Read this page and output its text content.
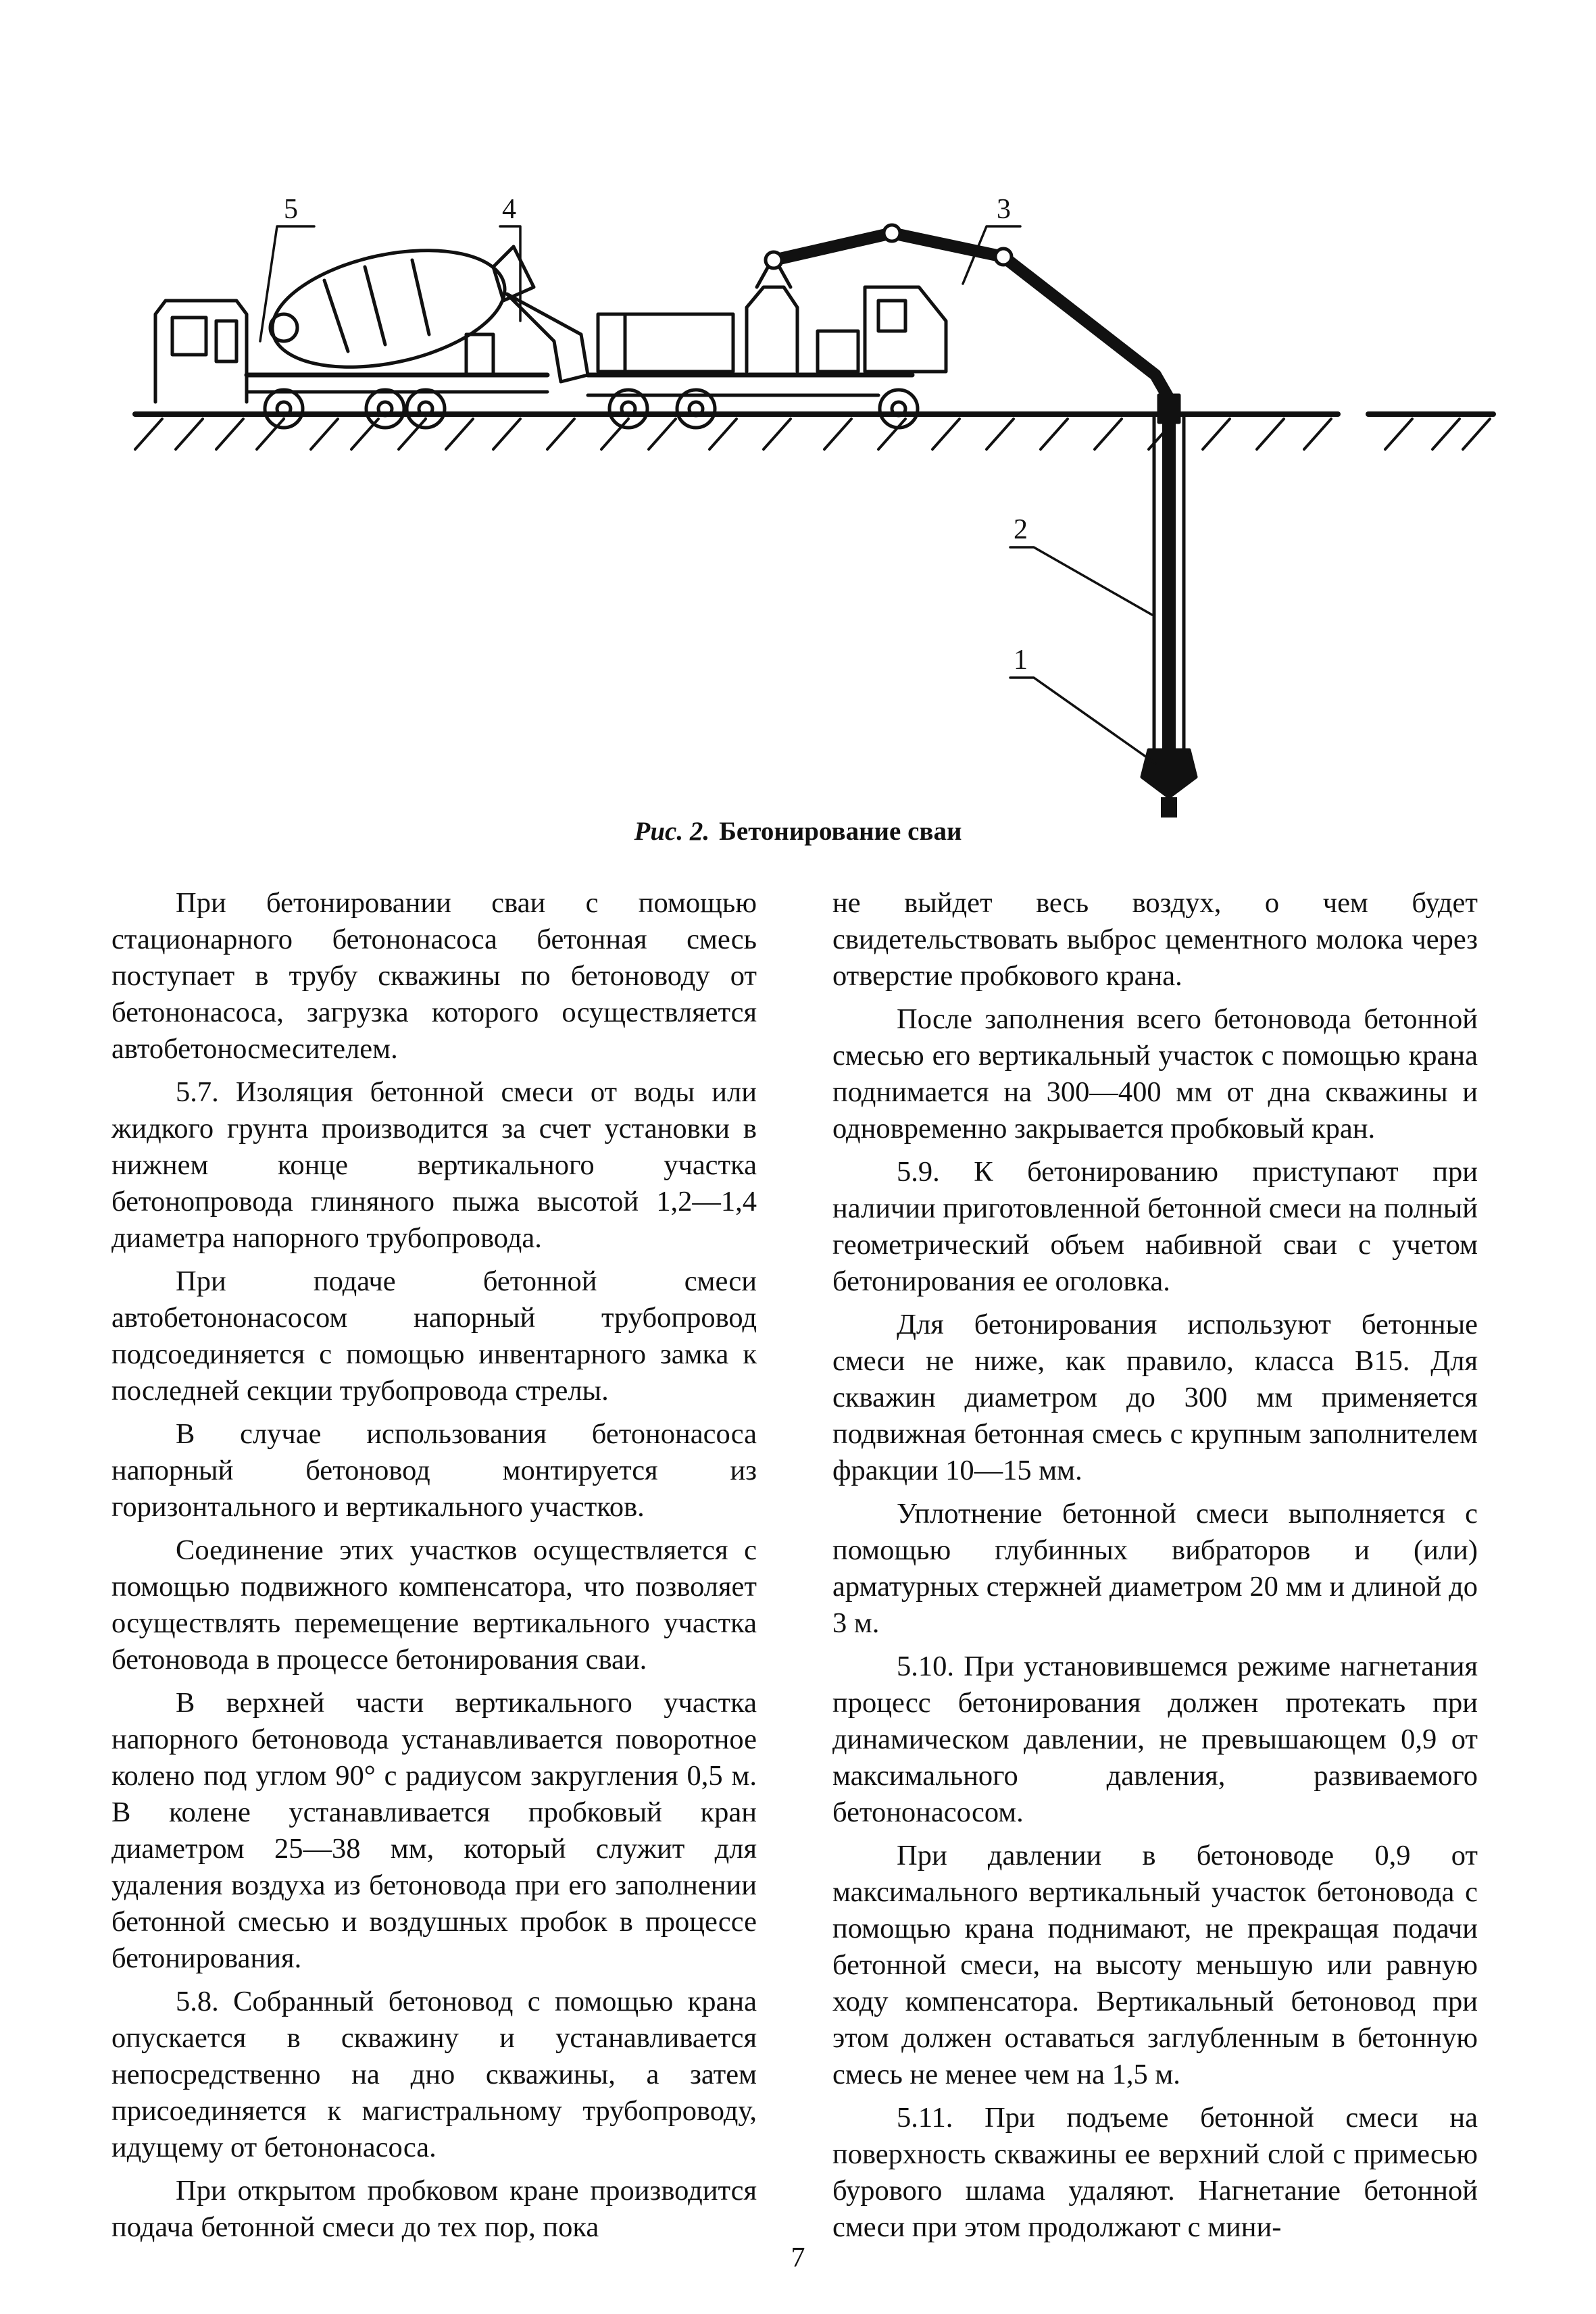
5	4	3
2
1
Рис. 2. Бетонирование сваи

При бетонировании сваи с помощью стационарного бетононасоса бетонная смесь поступает в трубу скважины по бетоноводу от бетононасоса, загрузка которого осуществляется автобетоносмесителем.

5.7. Изоляция бетонной смеси от воды или жидкого грунта производится за счет установки в нижнем конце вертикального участка бетонопровода глиняного пыжа высотой 1,2—1,4 диаметра напорного трубопровода.

При подаче бетонной смеси автобетононасосом напорный трубопровод подсоединяется с помощью инвентарного замка к последней секции трубопровода стрелы.

В случае использования бетононасоса напорный бетоновод монтируется из горизонтального и вертикального участков.

Соединение этих участков осуществляется с помощью подвижного компенсатора, что позволяет осуществлять перемещение вертикального участка бетоновода в процессе бетонирования сваи.

В верхней части вертикального участка напорного бетоновода устанавливается поворотное колено под углом 90° с радиусом закругления 0,5 м. В колене устанавливается пробковый кран диаметром 25—38 мм, который служит для удаления воздуха из бетоновода при его заполнении бетонной смесью и воздушных пробок в процессе бетонирования.

5.8. Собранный бетоновод с помощью крана опускается в скважину и устанавливается непосредственно на дно скважины, а затем присоединяется к магистральному трубопроводу, идущему от бетононасоса.

При открытом пробковом кране производится подача бетонной смеси до тех пор, пока

не выйдет весь воздух, о чем будет свидетельствовать выброс цементного молока через отверстие пробкового крана.

После заполнения всего бетоновода бетонной смесью его вертикальный участок с помощью крана поднимается на 300—400 мм от дна скважины и одновременно закрывается пробковый кран.

5.9. К бетонированию приступают при наличии приготовленной бетонной смеси на полный геометрический объем набивной сваи с учетом бетонирования ее оголовка.

Для бетонирования используют бетонные смеси не ниже, как правило, класса В15. Для скважин диаметром до 300 мм применяется подвижная бетонная смесь с крупным заполнителем фракции 10—15 мм.

Уплотнение бетонной смеси выполняется с помощью глубинных вибраторов и (или) арматурных стержней диаметром 20 мм и длиной до 3 м.

5.10. При установившемся режиме нагнетания процесс бетонирования должен протекать при динамическом давлении, не превышающем 0,9 от максимального давления, развиваемого бетононасосом.

При давлении в бетоноводе 0,9 от максимального вертикальный участок бетоновода с помощью крана поднимают, не прекращая подачи бетонной смеси, на высоту меньшую или равную ходу компенсатора. Вертикальный бетоновод при этом должен оставаться заглубленным в бетонную смесь не менее чем на 1,5 м.

5.11. При подъеме бетонной смеси на поверхность скважины ее верхний слой с примесью бурового шлама удаляют. Нагнетание бетонной смеси при этом продолжают с мини-

7
